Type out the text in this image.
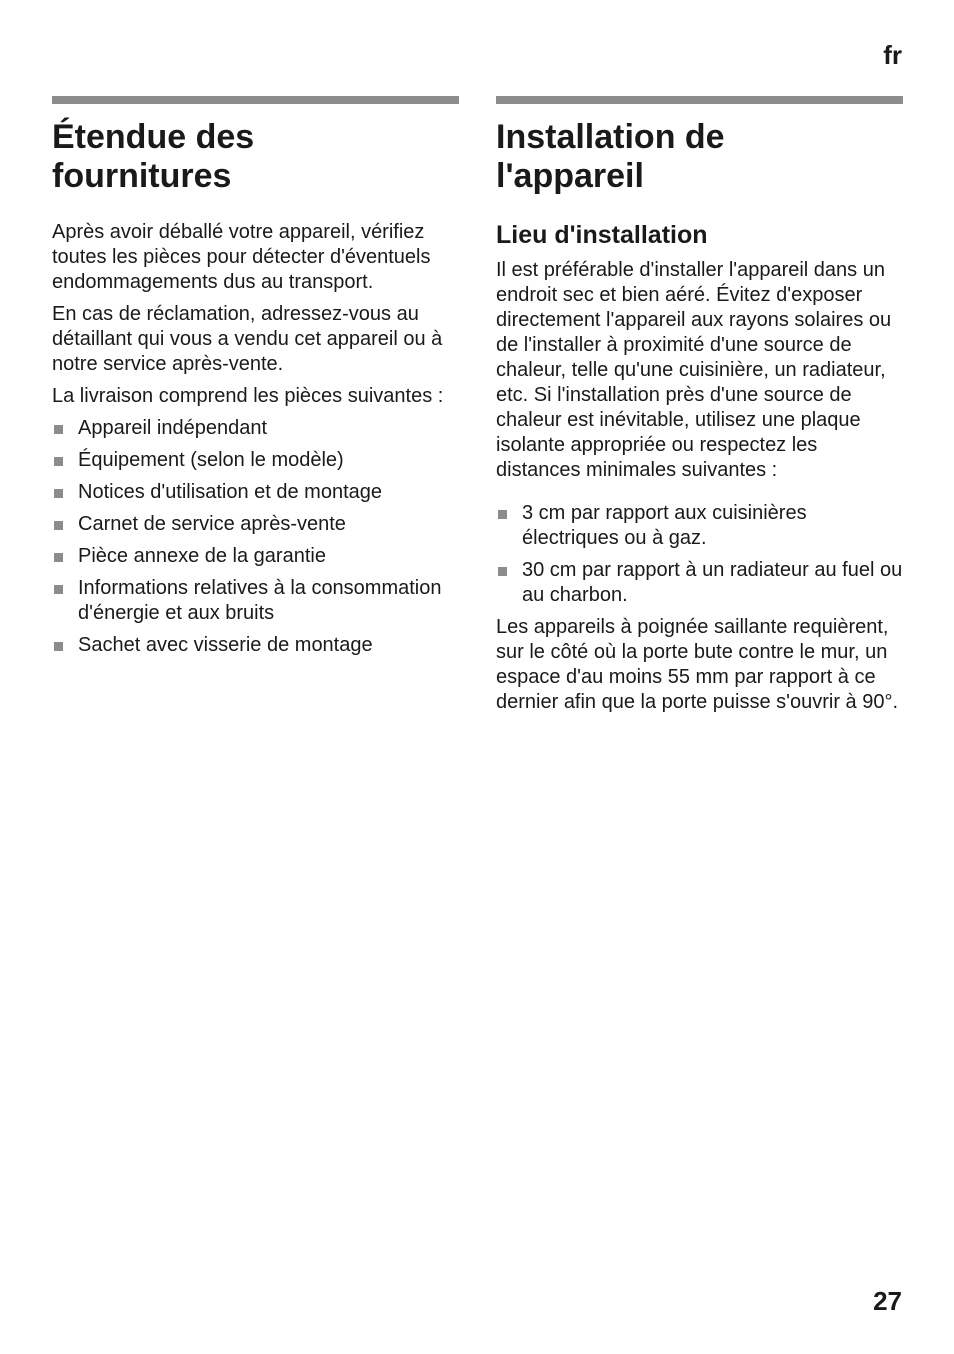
fr
Étendue des
fournitures

Après avoir déballé votre appareil, vérifiez toutes les pièces pour détecter d'éventuels endommagements dus au transport.

En cas de réclamation, adressez-vous au détaillant qui vous a vendu cet appareil ou à notre service après-vente.

La livraison comprend les pièces suivantes :

Appareil indépendant
Équipement (selon le modèle)
Notices d'utilisation et de montage
Carnet de service après-vente
Pièce annexe de la garantie
Informations relatives à la consommation d'énergie et aux bruits
Sachet avec visserie de montage
Installation de
l'appareil
Lieu d'installation

Il est préférable d'installer l'appareil dans un endroit sec et bien aéré. Évitez d'exposer directement l'appareil aux rayons solaires ou de l'installer à proximité d'une source de chaleur, telle qu'une cuisinière, un radiateur, etc. Si l'installation près d'une source de chaleur est inévitable, utilisez une plaque isolante appropriée ou respectez les distances minimales suivantes :

3 cm par rapport aux cuisinières électriques ou à gaz.
30 cm par rapport à un radiateur au fuel ou au charbon.

Les appareils à poignée saillante requièrent, sur le côté où la porte bute contre le mur, un espace d'au moins 55 mm par rapport à ce dernier afin que la porte puisse s'ouvrir à 90°.

27
